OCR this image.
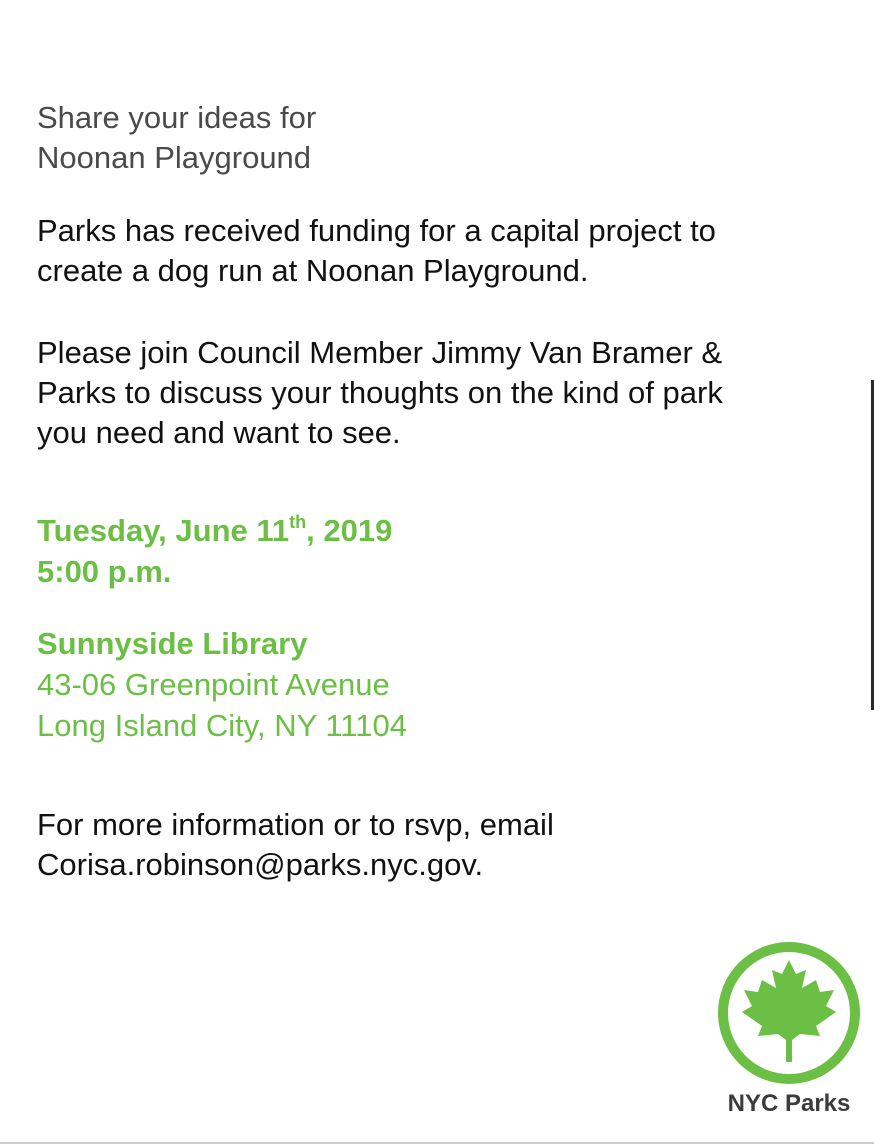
Share your ideas for
Noonan Playground
Parks has received funding for a capital project to
create a dog run at Noonan Playground.
Please join Council Member Jimmy Van Bramer &
Parks to discuss your thoughts on the kind of park
you need and want to see.
Tuesday, June 11th, 2019
5:00 p.m.
Sunnyside Library
43-06 Greenpoint Avenue
Long Island City, NY 11104
For more information or to rsvp, email
Corisa.robinson@parks.nyc.gov.
NYC Parks
